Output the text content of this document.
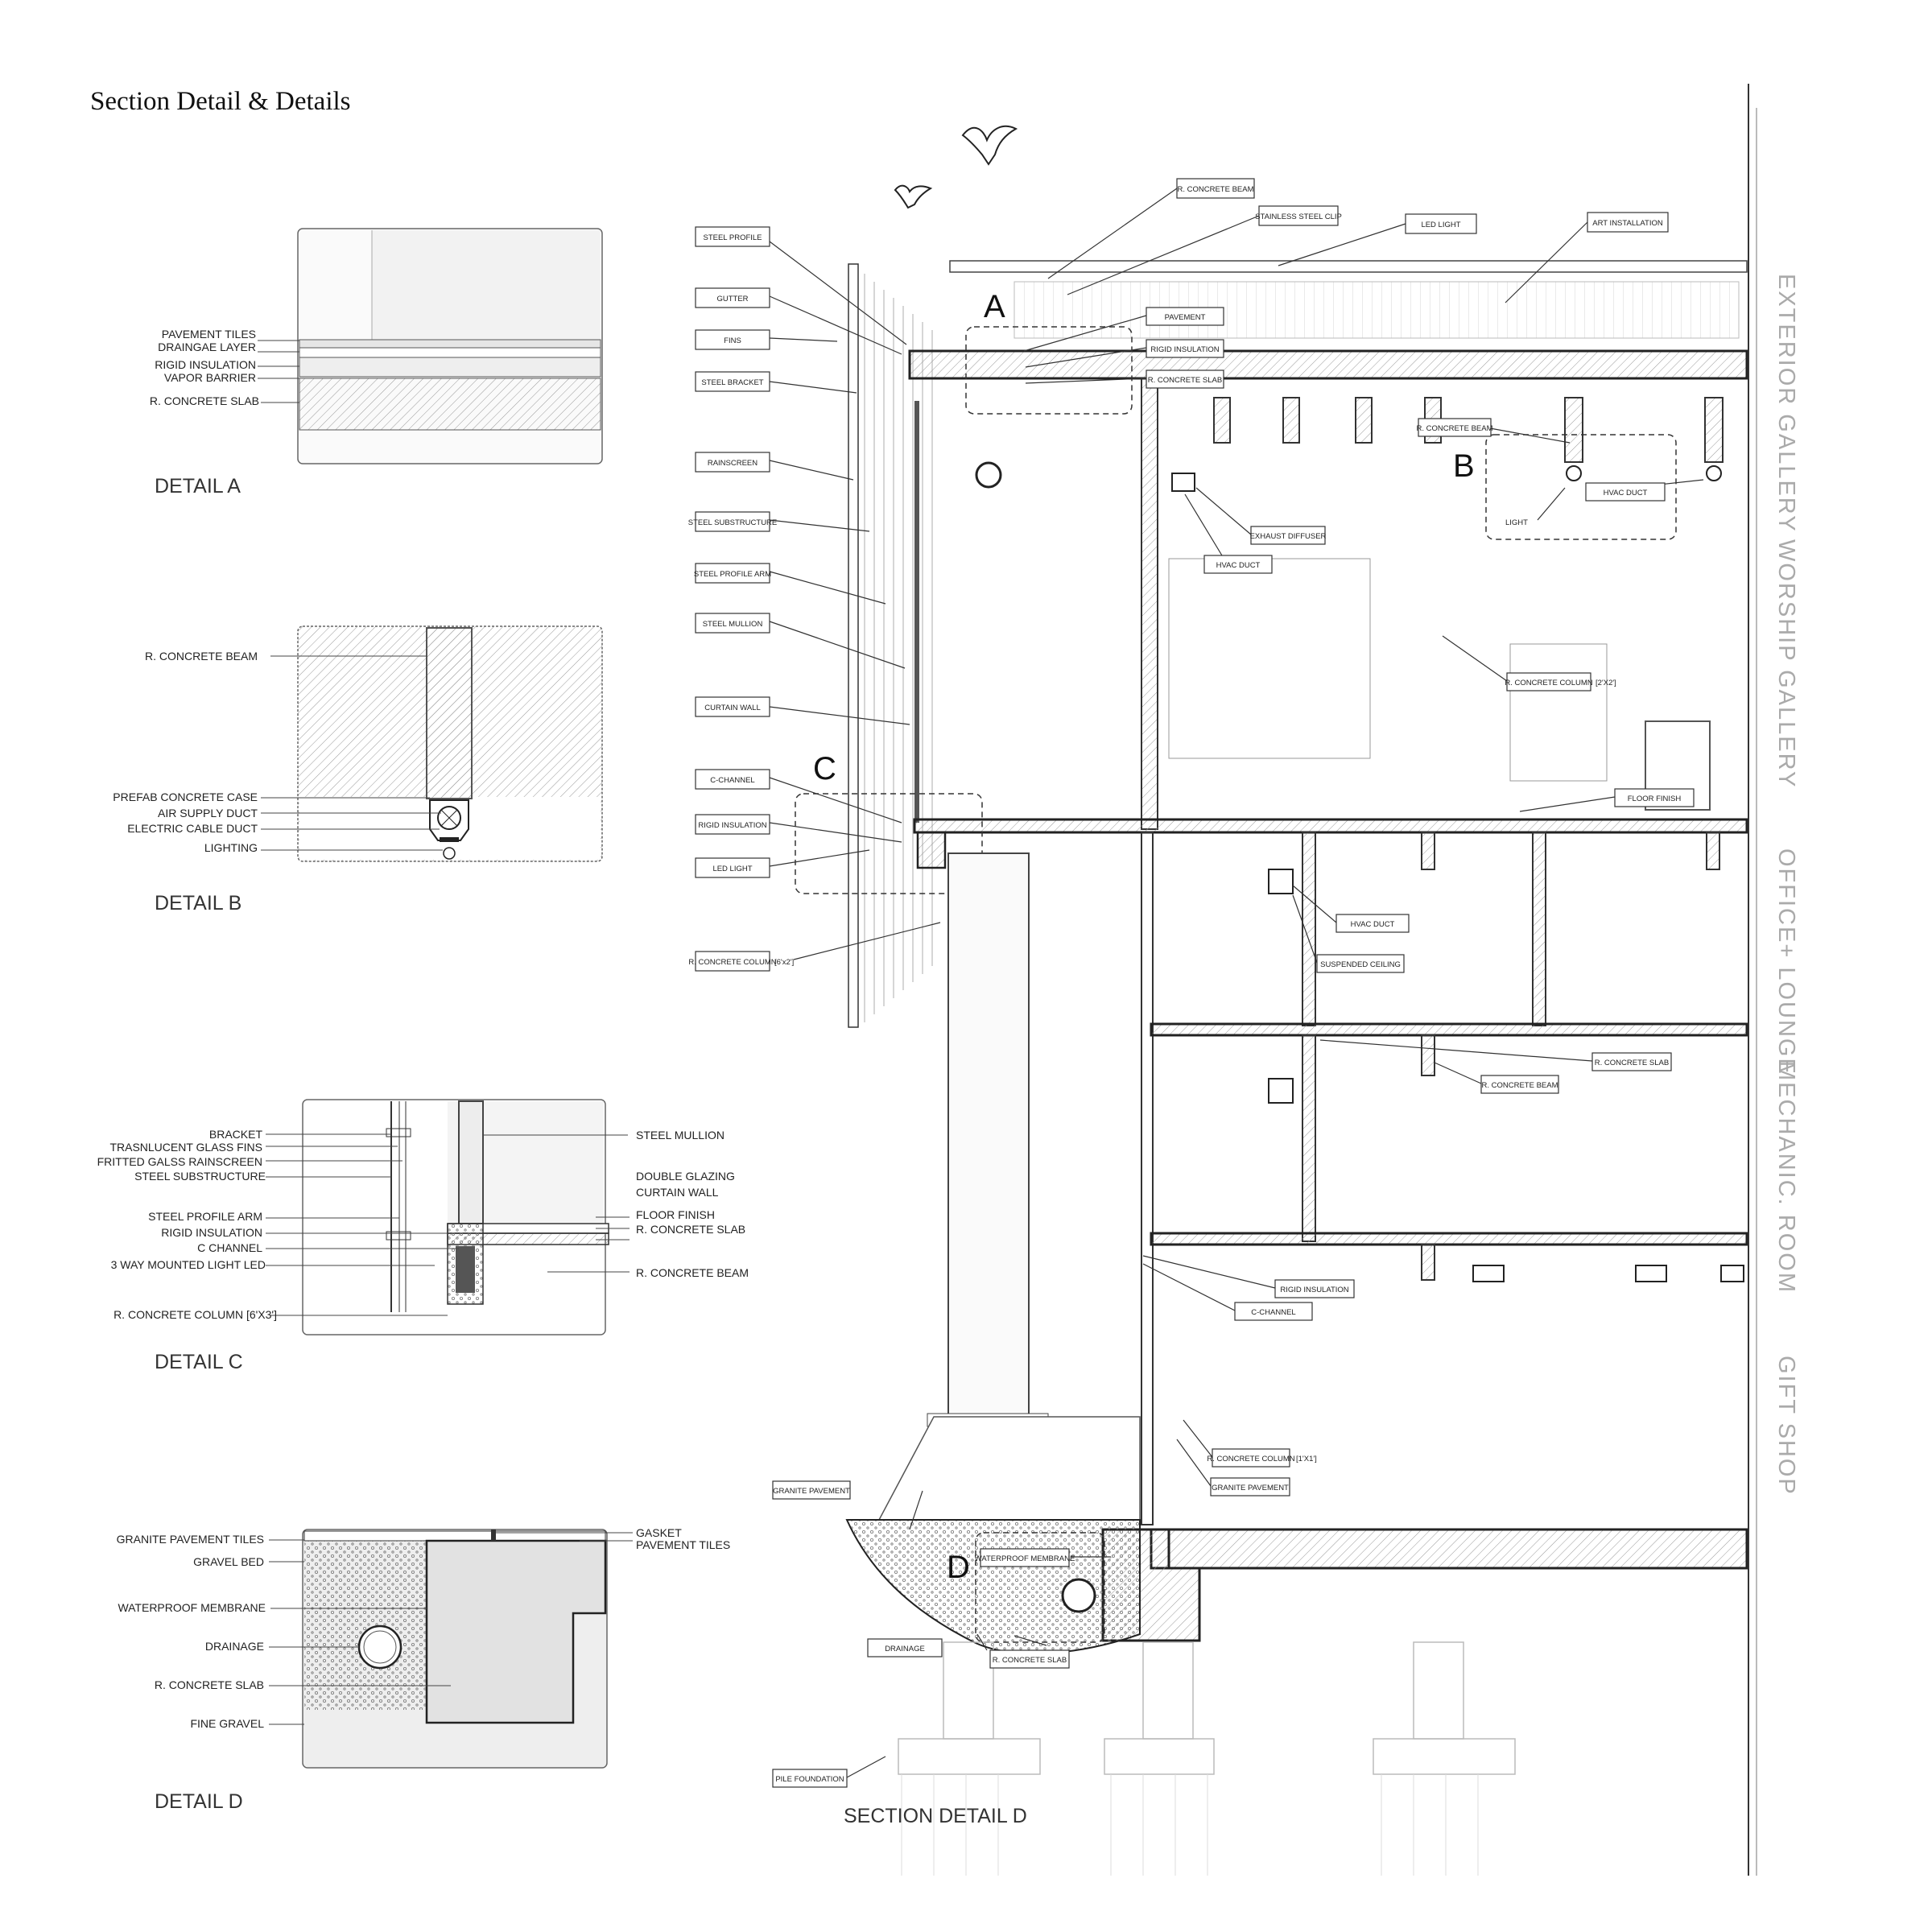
Section Detail & Details
PAVEMENT TILES
DRAINGAE LAYER
RIGID INSULATION
VAPOR BARRIER
R. CONCRETE SLAB
DETAIL A
R. CONCRETE BEAM
PREFAB CONCRETE CASE
AIR SUPPLY DUCT
ELECTRIC CABLE DUCT
LIGHTING
DETAIL B
BRACKET
TRASNLUCENT GLASS FINS
FRITTED GALSS RAINSCREEN
STEEL SUBSTRUCTURE
STEEL PROFILE ARM
RIGID INSULATION
C CHANNEL
3 WAY MOUNTED LIGHT LED
R. CONCRETE COLUMN [6'X3']
STEEL MULLION
DOUBLE GLAZING
CURTAIN WALL
FLOOR FINISH
R. CONCRETE SLAB
R. CONCRETE BEAM
DETAIL C
GRANITE PAVEMENT TILES
GRAVEL BED
WATERPROOF MEMBRANE
DRAINAGE
R. CONCRETE SLAB
FINE GRAVEL
GASKET
PAVEMENT TILES
DETAIL D
A
B
C
D
EXTERIOR GALLERY
WORSHIP GALLERY
OFFICE+ LOUNGE
MECHANIC. ROOM
GIFT SHOP
SECTION DETAIL D
STEEL PROFILE
GUTTER
FINS
STEEL BRACKET
RAINSCREEN
STEEL SUBSTRUCTURE
STEEL PROFILE ARM
STEEL MULLION
CURTAIN WALL
C-CHANNEL
RIGID INSULATION
LED LIGHT
R. CONCRETE COLUMN
[6'x2']
R. CONCRETE BEAM
STAINLESS STEEL CLIP
LED LIGHT	ART INSTALLATION
PAVEMENT
RIGID INSULATION
R. CONCRETE SLAB
R. CONCRETE BEAM
HVAC DUCT
LIGHT
EXHAUST DIFFUSER
HVAC DUCT
R. CONCRETE COLUMN [2'X2']
FLOOR FINISH
HVAC DUCT
SUSPENDED CEILING
R. CONCRETE SLAB
R. CONCRETE BEAM
RIGID INSULATION
C-CHANNEL
R. CONCRETE COLUMN [1'X1']
GRANITE PAVEMENT
GRANITE PAVEMENT
WATERPROOF MEMBRANE
DRAINAGE
R. CONCRETE SLAB
PILE FOUNDATION
